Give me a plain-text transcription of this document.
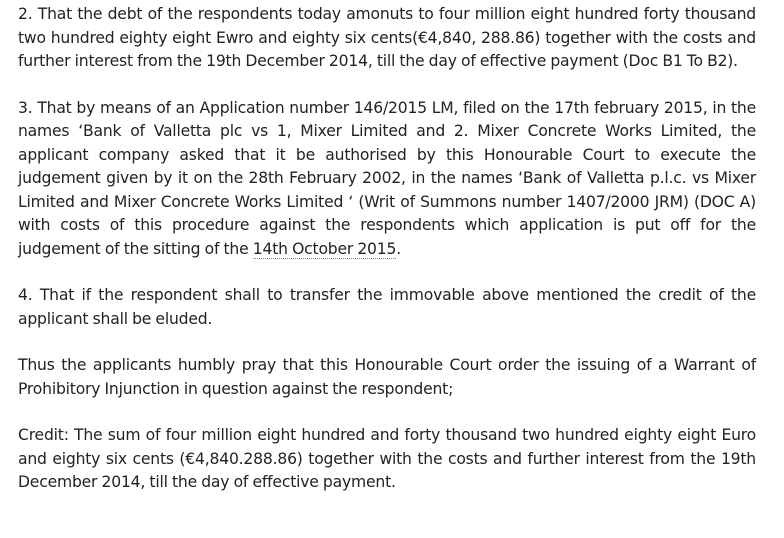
2. That the debt of the respondents today amonuts to four million eight hundred forty thousand two hundred eighty eight Ewro and eighty six cents(€4,840, 288.86) together with the costs and further interest from the 19th December 2014, till the day of effective payment (Doc B1 To B2).

3. That by means of an Application number 146/2015 LM, filed on the 17th february 2015, in the names ‘Bank of Valletta plc vs 1, Mixer Limited and 2. Mixer Concrete Works Limited, the applicant company asked that it be authorised by this Honourable Court to execute the judgement given by it on the 28th February 2002, in the names ‘Bank of Valletta p.l.c. vs Mixer Limited and Mixer Concrete Works Limited ‘ (Writ of Summons number 1407/2000 JRM) (DOC A) with costs of this procedure against the respondents which application is put off for the judgement of the sitting of the 14th October 2015.

4. That if the respondent shall to transfer the immovable above mentioned the credit of the applicant shall be eluded.

Thus the applicants humbly pray that this Honourable Court order the issuing of a Warrant of Prohibitory Injunction in question against the respondent;

Credit: The sum of four million eight hundred and forty thousand two hundred eighty eight Euro and eighty six cents (€4,840.288.86) together with the costs and further interest from the 19th December 2014, till the day of effective payment.
